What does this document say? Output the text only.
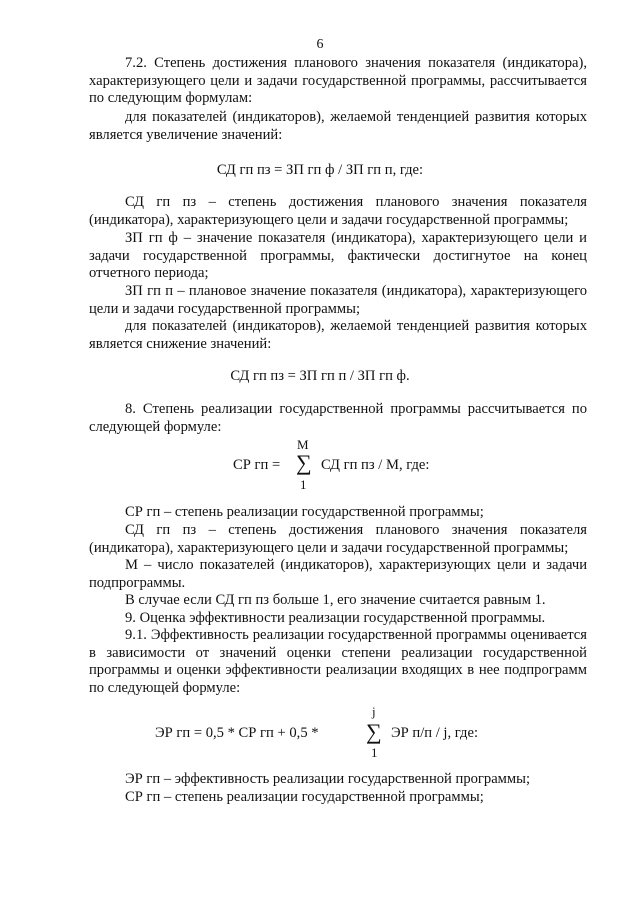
6

7.2. Степень достижения планового значения показателя (индикатора), характеризующего цели и задачи государственной программы, рассчитывается по следующим формулам:

для показателей (индикаторов), желаемой тенденцией развития которых является увеличение значений:

СД гп пз = ЗП гп ф / ЗП гп п, где:

СД гп пз – степень достижения планового значения показателя (индикатора), характеризующего цели и задачи государственной программы;

ЗП гп ф – значение показателя (индикатора), характеризующего цели и задачи государственной программы, фактически достигнутое на конец отчетного периода;

ЗП гп п – плановое значение показателя (индикатора), характеризующего цели и задачи государственной программы;

для показателей (индикаторов), желаемой тенденцией развития которых является снижение значений:

СД гп пз = ЗП гп п / ЗП гп ф.

8. Степень реализации государственной программы рассчитывается по следующей формуле:

СР гп =
M
∑
1
СД гп пз / М, где:

СР гп – степень реализации государственной программы;

СД гп пз – степень достижения планового значения показателя (индикатора), характеризующего цели и задачи государственной программы;

М – число показателей (индикаторов), характеризующих цели и задачи подпрограммы.

В случае если СД гп пз больше 1, его значение считается равным 1.

9. Оценка эффективности реализации государственной программы.

9.1. Эффективность реализации государственной программы оценивается в зависимости от значений оценки степени реализации государственной программы и оценки эффективности реализации входящих в нее подпрограмм по следующей формуле:

ЭР гп = 0,5 * СР гп + 0,5 *
j
∑
1
ЭР п/п / j, где:

ЭР гп – эффективность реализации государственной программы;

СР гп – степень реализации государственной программы;
